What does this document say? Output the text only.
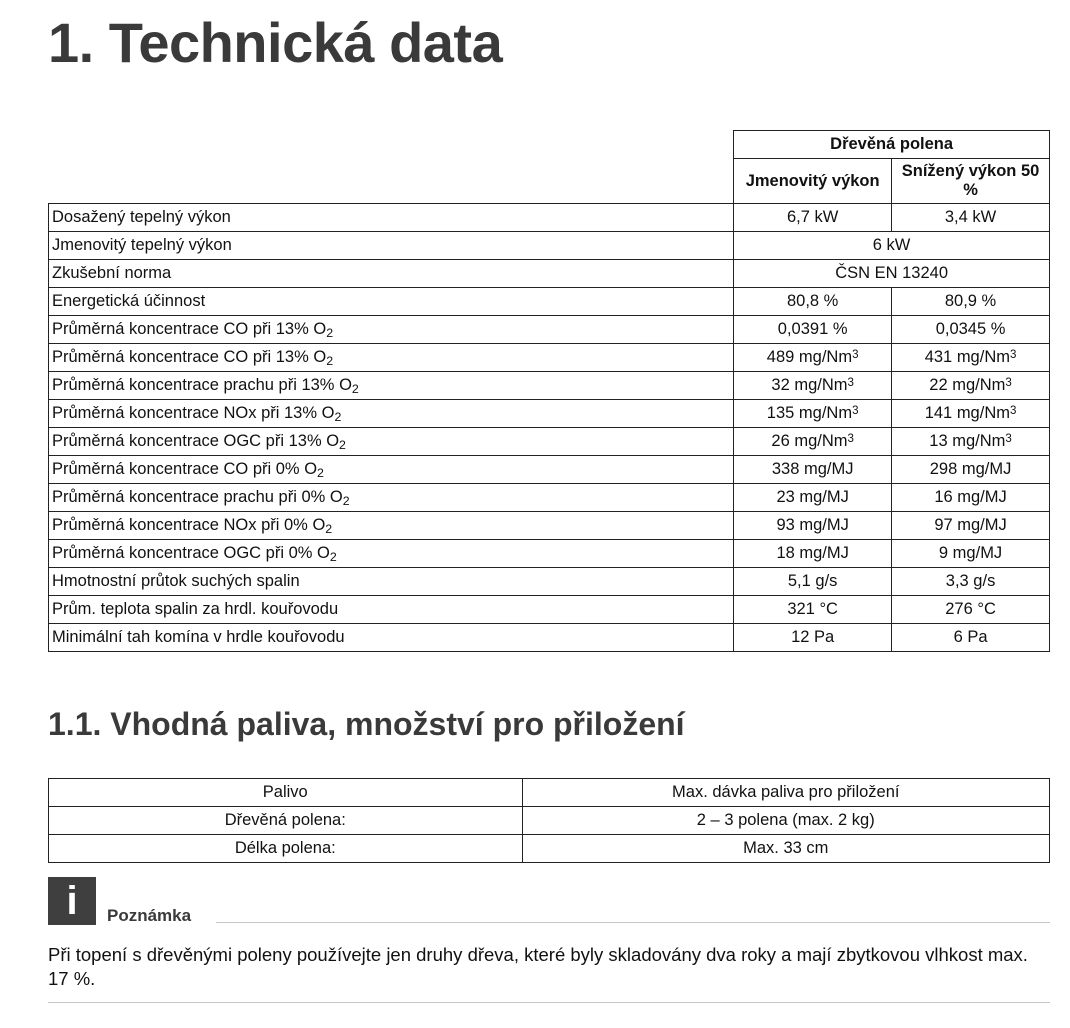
1. Technická data
	Dřevěná polena	
	Jmenovitý výkon	Snížený výkon 50 %
Dosažený tepelný výkon	6,7 kW	3,4 kW
Jmenovitý tepelný výkon	6 kW	
Zkušební norma	ČSN EN 13240	
Energetická účinnost	80,8 %	80,9 %
Průměrná koncentrace CO při 13% $O_2$	0,0391 %	0,0345 %
Průměrná koncentrace CO při 13% $O_2$	489 mg/Nm$^3$	431 mg/Nm$^3$
Průměrná koncentrace prachu při 13% $O_2$	32 mg/Nm$^3$	22 mg/Nm$^3$
Průměrná koncentrace NOx při 13% $O_2$	135 mg/Nm$^3$	141 mg/Nm$^3$
Průměrná koncentrace OGC při 13% $O_2$	26 mg/Nm$^3$	13 mg/Nm$^3$
Průměrná koncentrace CO při 0% $O_2$	338 mg/MJ	298 mg/MJ
Průměrná koncentrace prachu při 0% $O_2$	23 mg/MJ	16 mg/MJ
Průměrná koncentrace NOx při 0% $O_2$	93 mg/MJ	97 mg/MJ
Průměrná koncentrace OGC při 0% $O_2$	18 mg/MJ	9 mg/MJ
Hmotnostní průtok suchých spalin	5,1 g/s	3,3 g/s
Prům. teplota spalin za hrdl. kouřovodu	321 °C	276 °C
Minimální tah komína v hrdle kouřovodu	12 Pa	6 Pa
1.1. Vhodná paliva, množství pro přiložení
Palivo	Max. dávka paliva pro přiložení
Dřevěná polena:	2 – 3 polena (max. 2 kg)
Délka polena:	Max. 33 cm
i	Poznámka
Při topení s dřevěnými poleny používejte jen druhy dřeva, které byly skladovány dva roky a mají zbytkovou vlhkost max. 17 %.
